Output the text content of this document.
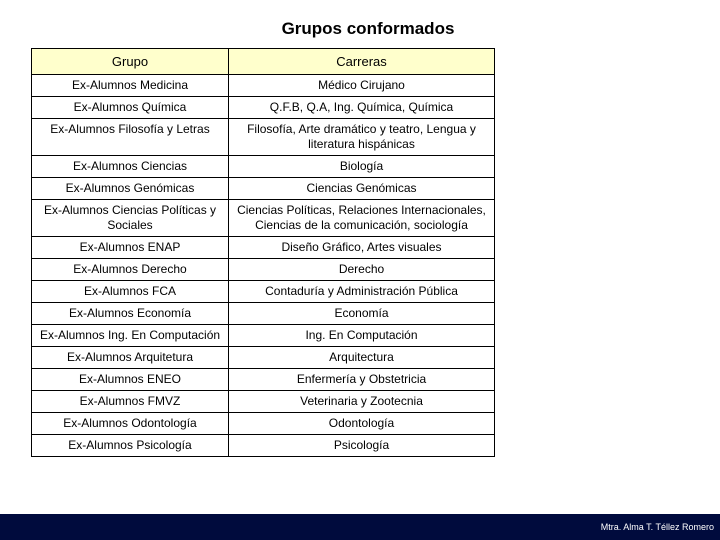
Grupos conformados
Grupo	Carreras
Ex-Alumnos Medicina	Médico Cirujano
Ex-Alumnos Química	Q.F.B, Q.A, Ing. Química, Química
Ex-Alumnos Filosofía y Letras	Filosofía, Arte dramático y teatro, Lengua y literatura hispánicas
Ex-Alumnos Ciencias	Biología
Ex-Alumnos Genómicas	Ciencias Genómicas
Ex-Alumnos Ciencias Políticas y Sociales	Ciencias Políticas, Relaciones Internacionales, Ciencias de la comunicación, sociología
Ex-Alumnos ENAP	Diseño Gráfico, Artes visuales
Ex-Alumnos Derecho	Derecho
Ex-Alumnos FCA	Contaduría y Administración Pública
Ex-Alumnos Economía	Economía
Ex-Alumnos Ing. En Computación	Ing. En Computación
Ex-Alumnos Arquitetura	Arquitectura
Ex-Alumnos ENEO	Enfermería y Obstetricia
Ex-Alumnos FMVZ	Veterinaria y Zootecnia
Ex-Alumnos Odontología	Odontología
Ex-Alumnos Psicología	Psicología
Mtra. Alma T. Téllez Romero
